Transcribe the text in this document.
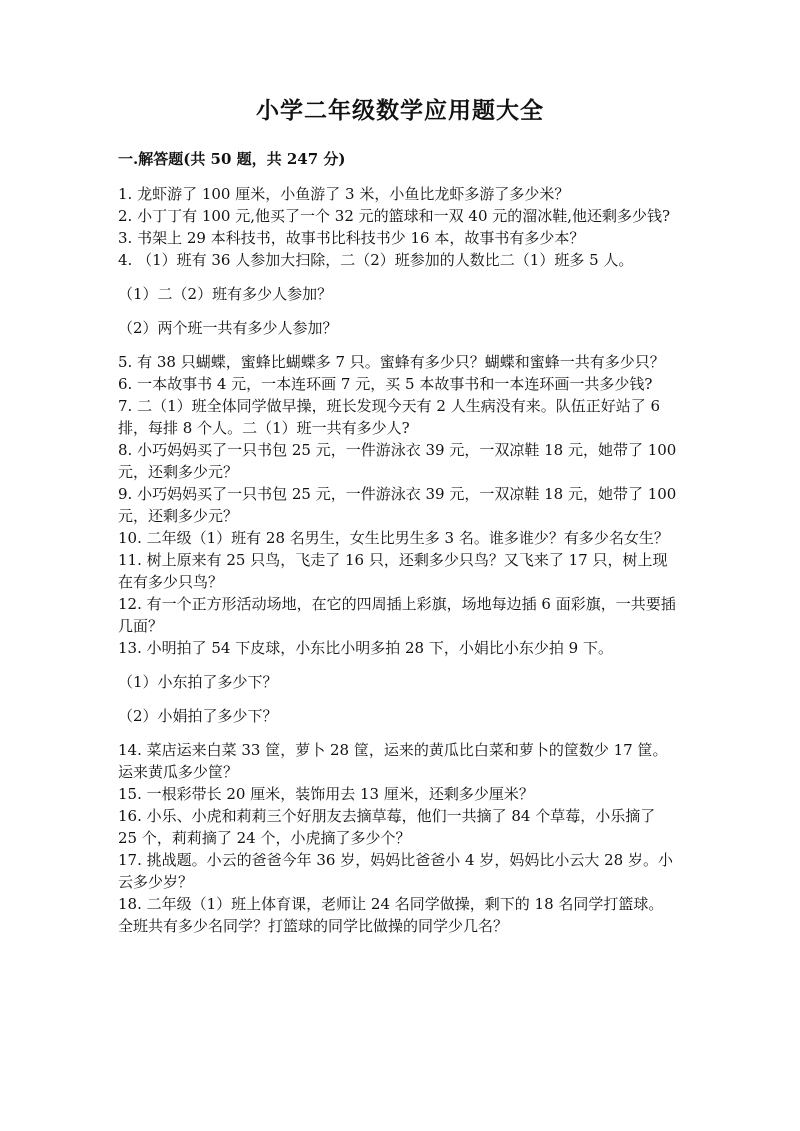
小学二年级数学应用题大全
一.解答题(共 50 题，共 247 分)

1. 龙虾游了 100 厘米，小鱼游了 3 米，小鱼比龙虾多游了多少米？

2. 小丁丁有 100 元,他买了一个 32 元的篮球和一双 40 元的溜冰鞋,他还剩多少钱?

3. 书架上 29 本科技书，故事书比科技书少 16 本，故事书有多少本？

4. （1）班有 36 人参加大扫除，二（2）班参加的人数比二（1）班多 5 人。

（1）二（2）班有多少人参加？

（2）两个班一共有多少人参加？

5. 有 38 只蝴蝶，蜜蜂比蝴蝶多 7 只。蜜蜂有多少只？蝴蝶和蜜蜂一共有多少只？

6. 一本故事书 4 元，一本连环画 7 元，买 5 本故事书和一本连环画一共多少钱?

7. 二（1）班全体同学做早操，班长发现今天有 2 人生病没有来。队伍正好站了 6 排，每排 8 个人。二（1）班一共有多少人?

8. 小巧妈妈买了一只书包 25 元，一件游泳衣 39 元，一双凉鞋 18 元，她带了 100 元，还剩多少元？

9. 小巧妈妈买了一只书包 25 元，一件游泳衣 39 元，一双凉鞋 18 元，她带了 100 元，还剩多少元？

10. 二年级（1）班有 28 名男生，女生比男生多 3 名。谁多谁少？有多少名女生？

11. 树上原来有 25 只鸟，飞走了 16 只，还剩多少只鸟？又飞来了 17 只，树上现在有多少只鸟？

12. 有一个正方形活动场地，在它的四周插上彩旗，场地每边插 6 面彩旗，一共要插几面？

13. 小明拍了 54 下皮球，小东比小明多拍 28 下，小娟比小东少拍 9 下。

（1）小东拍了多少下？

（2）小娟拍了多少下？

14. 菜店运来白菜 33 筐，萝卜 28 筐，运来的黄瓜比白菜和萝卜的筐数少 17 筐。运来黄瓜多少筐？

15. 一根彩带长 20 厘米，装饰用去 13 厘米，还剩多少厘米？

16. 小乐、小虎和莉莉三个好朋友去摘草莓，他们一共摘了 84 个草莓，小乐摘了 25 个，莉莉摘了 24 个，小虎摘了多少个？

17. 挑战题。小云的爸爸今年 36 岁，妈妈比爸爸小 4 岁，妈妈比小云大 28 岁。小云多少岁？

18. 二年级（1）班上体育课，老师让 24 名同学做操，剩下的 18 名同学打篮球。全班共有多少名同学？打篮球的同学比做操的同学少几名？
